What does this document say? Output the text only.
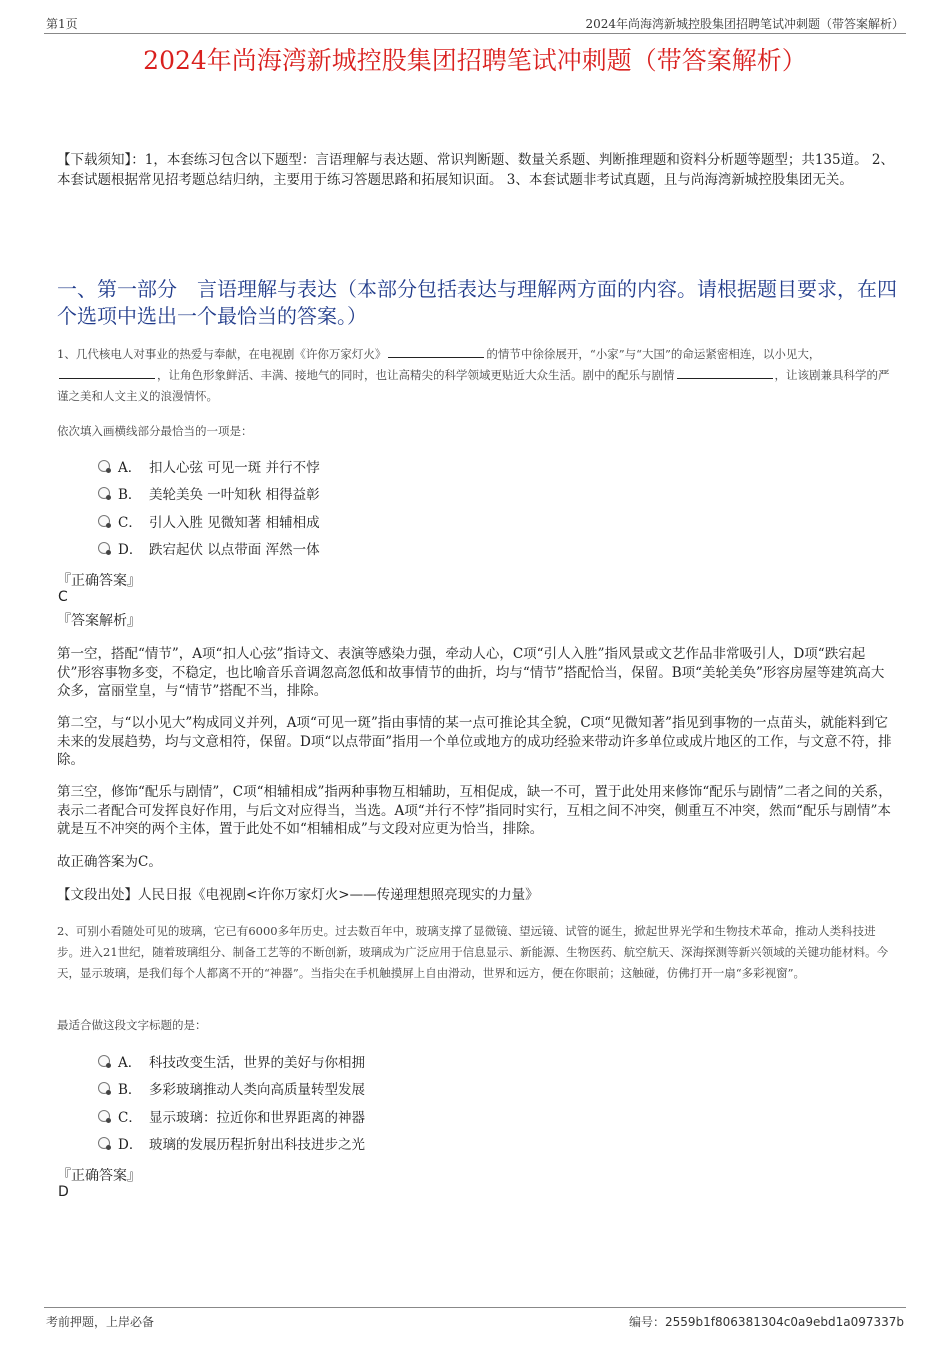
第1页	2024年尚海湾新城控股集团招聘笔试冲刺题（带答案解析）
2024年尚海湾新城控股集团招聘笔试冲刺题（带答案解析）
【下载须知】：1，本套练习包含以下题型：言语理解与表达题、常识判断题、数量关系题、判断推理题和资料分析题等题型；共135道。 2、本套试题根据常见招考题总结归纳，主要用于练习答题思路和拓展知识面。 3、本套试题非考试真题，且与尚海湾新城控股集团无关。
一、第一部分　言语理解与表达（本部分包括表达与理解两方面的内容。请根据题目要求，在四个选项中选出一个最恰当的答案。）
1、几代核电人对事业的热爱与奉献，在电视剧《许你万家灯火》	的情节中徐徐展开，“小家”与“大国”的命运紧密相连，以小见大，，让角色形象鲜活、丰满、接地气的同时，也让高精尖的科学领域更贴近大众生活。剧中的配乐与剧情	，让该剧兼具科学的严谨之美和人文主义的浪漫情怀。
依次填入画横线部分最恰当的一项是：
A． 扣人心弦 可见一斑 并行不悖
B． 美轮美奂 一叶知秋 相得益彰
C． 引人入胜 见微知著 相辅相成
D． 跌宕起伏 以点带面 浑然一体
『正确答案』
C
『答案解析』
第一空，搭配“情节”，A项“扣人心弦”指诗文、表演等感染力强，牵动人心，C项“引人入胜”指风景或文艺作品非常吸引人，D项“跌宕起伏”形容事物多变，不稳定，也比喻音乐音调忽高忽低和故事情节的曲折，均与“情节”搭配恰当，保留。B项“美轮美奂”形容房屋等建筑高大众多，富丽堂皇，与“情节”搭配不当，排除。
第二空，与“以小见大”构成同义并列，A项“可见一斑”指由事情的某一点可推论其全貌，C项“见微知著”指见到事物的一点苗头，就能料到它未来的发展趋势，均与文意相符，保留。D项“以点带面”指用一个单位或地方的成功经验来带动许多单位或成片地区的工作，与文意不符，排除。
第三空，修饰“配乐与剧情”，C项“相辅相成”指两种事物互相辅助，互相促成，缺一不可，置于此处用来修饰“配乐与剧情”二者之间的关系，表示二者配合可发挥良好作用，与后文对应得当，当选。A项“并行不悖”指同时实行，互相之间不冲突，侧重互不冲突，然而“配乐与剧情”本就是互不冲突的两个主体，置于此处不如“相辅相成”与文段对应更为恰当，排除。
故正确答案为C。
【文段出处】人民日报《电视剧<许你万家灯火>——传递理想照亮现实的力量》
2、可别小看随处可见的玻璃，它已有6000多年历史。过去数百年中，玻璃支撑了显微镜、望远镜、试管的诞生，掀起世界光学和生物技术革命，推动人类科技进步。进入21世纪，随着玻璃组分、制备工艺等的不断创新，玻璃成为广泛应用于信息显示、新能源、生物医药、航空航天、深海探测等新兴领域的关键功能材料。今天，显示玻璃，是我们每个人都离不开的“神器”。当指尖在手机触摸屏上自由滑动，世界和远方，便在你眼前；这触碰，仿佛打开一扇“多彩视窗”。
最适合做这段文字标题的是：
A． 科技改变生活，世界的美好与你相拥
B． 多彩玻璃推动人类向高质量转型发展
C． 显示玻璃：拉近你和世界距离的神器
D． 玻璃的发展历程折射出科技进步之光
『正确答案』
D
考前押题，上岸必备	编号：2559b1f806381304c0a9ebd1a097337b
